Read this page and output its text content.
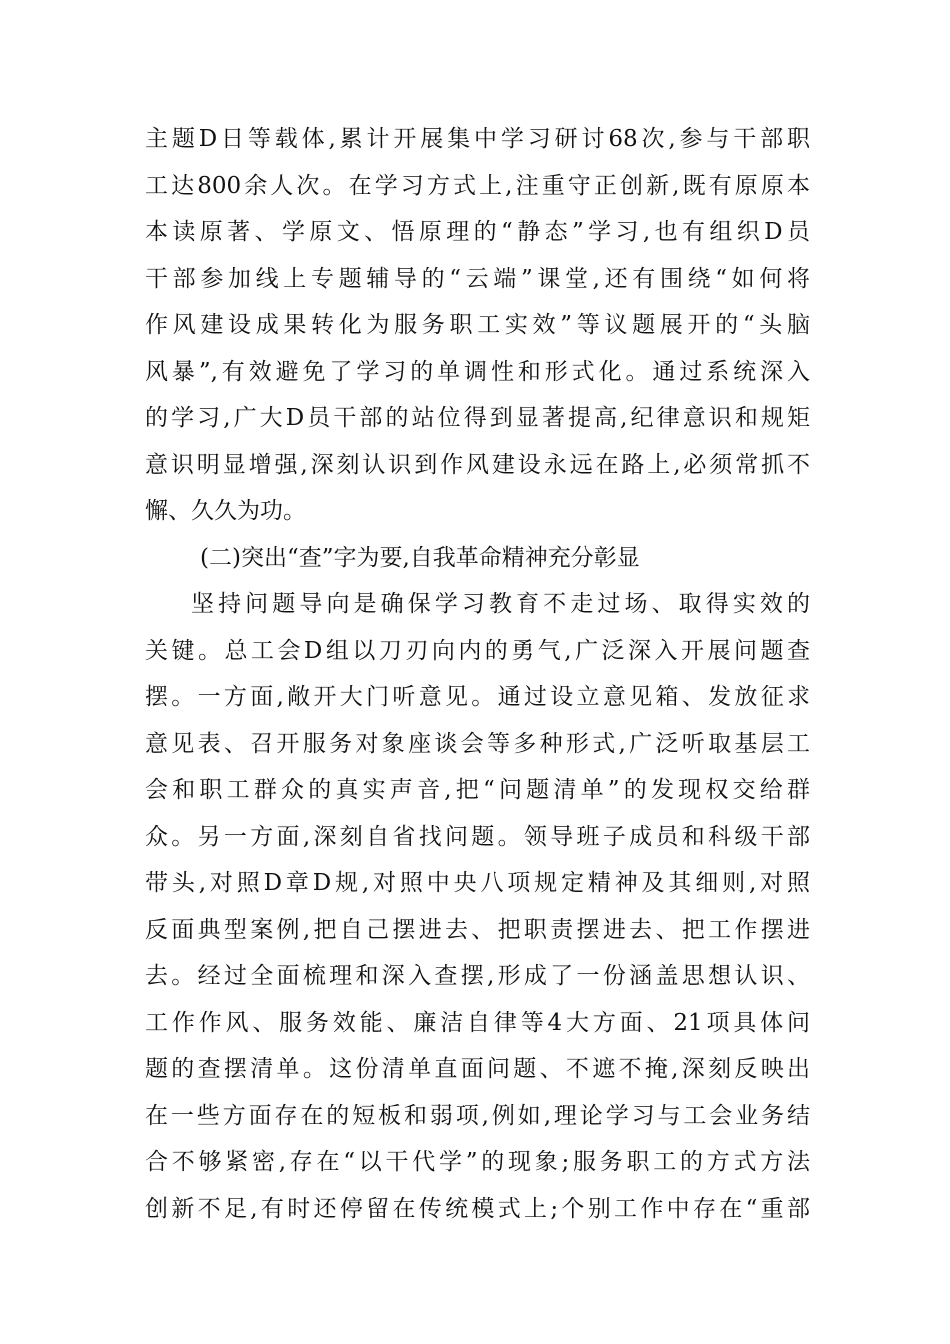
主题D日等载体,累计开展集中学习研讨68次,参与干部职
工达800余人次。在学习方式上,注重守正创新,既有原原本
本读原著、学原文、悟原理的“静态”学习,也有组织D员
干部参加线上专题辅导的“云端”课堂,还有围绕“如何将
作风建设成果转化为服务职工实效”等议题展开的“头脑
风暴”,有效避免了学习的单调性和形式化。通过系统深入
的学习,广大D员干部的站位得到显著提高,纪律意识和规矩
意识明显增强,深刻认识到作风建设永远在路上,必须常抓不
懈、久久为功。
(二)突出“查”字为要,自我革命精神充分彰显
坚持问题导向是确保学习教育不走过场、取得实效的
关键。总工会D组以刀刃向内的勇气,广泛深入开展问题查
摆。一方面,敞开大门听意见。通过设立意见箱、发放征求
意见表、召开服务对象座谈会等多种形式,广泛听取基层工
会和职工群众的真实声音,把“问题清单”的发现权交给群
众。另一方面,深刻自省找问题。领导班子成员和科级干部
带头,对照D章D规,对照中央八项规定精神及其细则,对照
反面典型案例,把自己摆进去、把职责摆进去、把工作摆进
去。经过全面梳理和深入查摆,形成了一份涵盖思想认识、
工作作风、服务效能、廉洁自律等4大方面、21项具体问
题的查摆清单。这份清单直面问题、不遮不掩,深刻反映出
在一些方面存在的短板和弱项,例如,理论学习与工会业务结
合不够紧密,存在“以干代学”的现象;服务职工的方式方法
创新不足,有时还停留在传统模式上;个别工作中存在“重部
